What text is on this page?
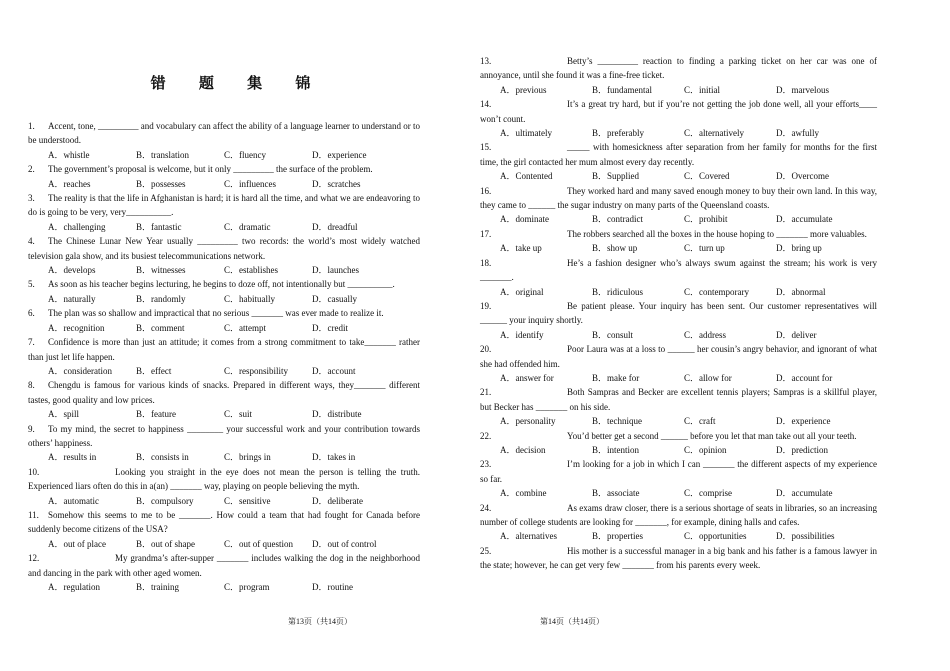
错 题 集 锦
1. Accent, tone, _________ and vocabulary can affect the ability of a language learner to understand or to be understood.
A．whistle	B．translation	C．fluency	D．experience
2. The government’s proposal is welcome, but it only _________ the surface of the problem.
A．reaches	B．possesses	C．influences	D．scratches
3. The reality is that the life in Afghanistan is hard; it is hard all the time, and what we are endeavoring to do is going to be very, very__________.
A．challenging	B．fantastic	C．dramatic	D．dreadful
4. The Chinese Lunar New Year usually _________ two records: the world’s most widely watched television gala show, and its busiest telecommunications network.
A．develops	B．witnesses	C．establishes	D．launches
5. As soon as his teacher begins lecturing, he begins to doze off, not intentionally but __________.
A．naturally	B．randomly	C．habitually	D．casually
6. The plan was so shallow and impractical that no serious _______ was ever made to realize it.
A．recognition	B．comment	C．attempt	D．credit
7. Confidence is more than just an attitude; it comes from a strong commitment to take_______ rather than just let life happen.
A．consideration	B．effect	C．responsibility	D．account
8. Chengdu is famous for various kinds of snacks. Prepared in different ways, they_______ different tastes, good quality and low prices.
A．spill	B．feature	C．suit	D．distribute
9. To my mind, the secret to happiness ________ your successful work and your contribution towards others’ happiness.
A．results in	B．consists in	C．brings in	D．takes in
10.	Looking you straight in the eye does not mean the person is telling the truth. Experienced liars often do this in a(an) _______ way, playing on people believing the myth.
A．automatic	B．compulsory	C．sensitive	D．deliberate
11. Somehow this seems to me to be _______. How could a team that had fought for Canada before suddenly become citizens of the USA?
A．out of place	B．out of shape	C．out of question	D．out of control
12.	My grandma’s after-supper _______ includes walking the dog in the neighborhood and dancing in the park with other aged women.
A．regulation	B．training	C．program	D．routine
第13页（共14页）
13.	Betty’s _________ reaction to finding a parking ticket on her car was one of annoyance, until she found it was a fine-free ticket.
A．previous	B．fundamental	C．initial	D．marvelous
14.	It’s a great try hard, but if you’re not getting the job done well, all your efforts____ won’t count.
A．ultimately	B．preferably	C．alternatively	D．awfully
15.	_____ with homesickness after separation from her family for months for the first time, the girl contacted her mum almost every day recently.
A．Contented	B．Supplied	C．Covered	D．Overcome
16.	They worked hard and many saved enough money to buy their own land. In this way, they came to ______ the sugar industry on many parts of the Queensland coasts.
A．dominate	B．contradict	C．prohibit	D．accumulate
17.	The robbers searched all the boxes in the house hoping to _______ more valuables.
A．take up	B．show up	C．turn up	D．bring up
18.	He’s a fashion designer who’s always swum against the stream; his work is very _______.
A．original	B．ridiculous	C．contemporary	D．abnormal
19.	Be patient please. Your inquiry has been sent. Our customer representatives will ______ your inquiry shortly.
A．identify	B．consult	C．address	D．deliver
20.	Poor Laura was at a loss to ______ her cousin’s angry behavior, and ignorant of what she had offended him.
A．answer for	B．make for	C．allow for	D．account for
21.	Both Sampras and Becker are excellent tennis players; Sampras is a skillful player, but Becker has _______ on his side.
A．personality	B．technique	C．craft	D．experience
22.	You’d better get a second ______ before you let that man take out all your teeth.
A．decision	B．intention	C．opinion	D．prediction
23.	I’m looking for a job in which I can _______ the different aspects of my experience so far.
A．combine	B．associate	C．comprise	D．accumulate
24.	As exams draw closer, there is a serious shortage of seats in libraries, so an increasing number of college students are looking for _______, for example, dining halls and cafes.
A．alternatives	B．properties	C．opportunities	D．possibilities
25.	His mother is a successful manager in a big bank and his father is a famous lawyer in the state; however, he can get very few _______ from his parents every week.
第14页（共14页）
